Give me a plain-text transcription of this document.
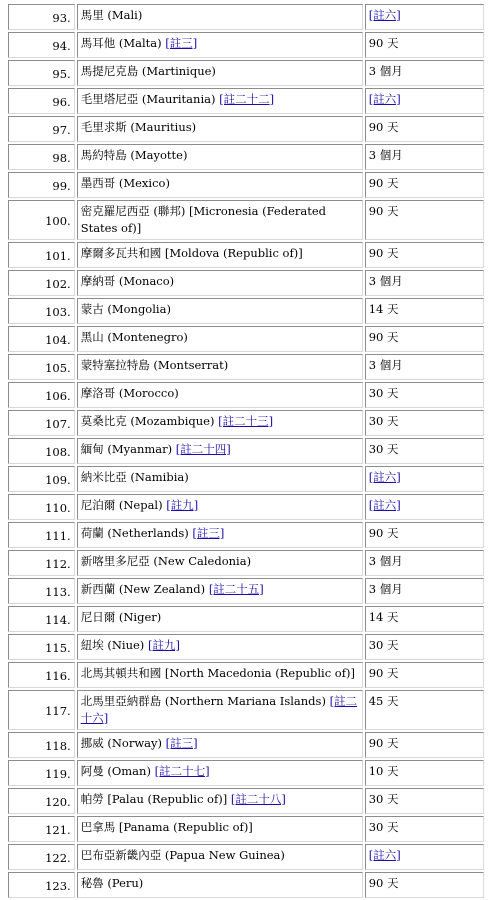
93.	馬里 (Mali)	[註六]
94.	馬耳他 (Malta) [註三]	90 天
95.	馬提尼克島 (Martinique)	3 個月
96.	毛里塔尼亞 (Mauritania) [註二十二]	[註六]
97.	毛里求斯 (Mauritius)	90 天
98.	馬約特島 (Mayotte)	3 個月
99.	墨西哥 (Mexico)	90 天
100.	密克羅尼西亞 (聯邦) [Micronesia (Federated States of)]	90 天
101.	摩爾多瓦共和國 [Moldova (Republic of)]	90 天
102.	摩納哥 (Monaco)	3 個月
103.	蒙古 (Mongolia)	14 天
104.	黑山 (Montenegro)	90 天
105.	蒙特塞拉特島 (Montserrat)	3 個月
106.	摩洛哥 (Morocco)	30 天
107.	莫桑比克 (Mozambique) [註二十三]	30 天
108.	緬甸 (Myanmar) [註二十四]	30 天
109.	納米比亞 (Namibia)	[註六]
110.	尼泊爾 (Nepal) [註九]	[註六]
111.	荷蘭 (Netherlands) [註三]	90 天
112.	新喀里多尼亞 (New Caledonia)	3 個月
113.	新西蘭 (New Zealand) [註二十五]	3 個月
114.	尼日爾 (Niger)	14 天
115.	紐埃 (Niue) [註九]	30 天
116.	北馬其頓共和國 [North Macedonia (Republic of)]	90 天
117.	北馬里亞納群島 (Northern Mariana Islands) [註二十六]	45 天
118.	挪威 (Norway) [註三]	90 天
119.	阿曼 (Oman) [註二十七]	10 天
120.	帕勞 [Palau (Republic of)] [註二十八]	30 天
121.	巴拿馬 [Panama (Republic of)]	30 天
122.	巴布亞新畿內亞 (Papua New Guinea)	[註六]
123.	秘魯 (Peru)	90 天
